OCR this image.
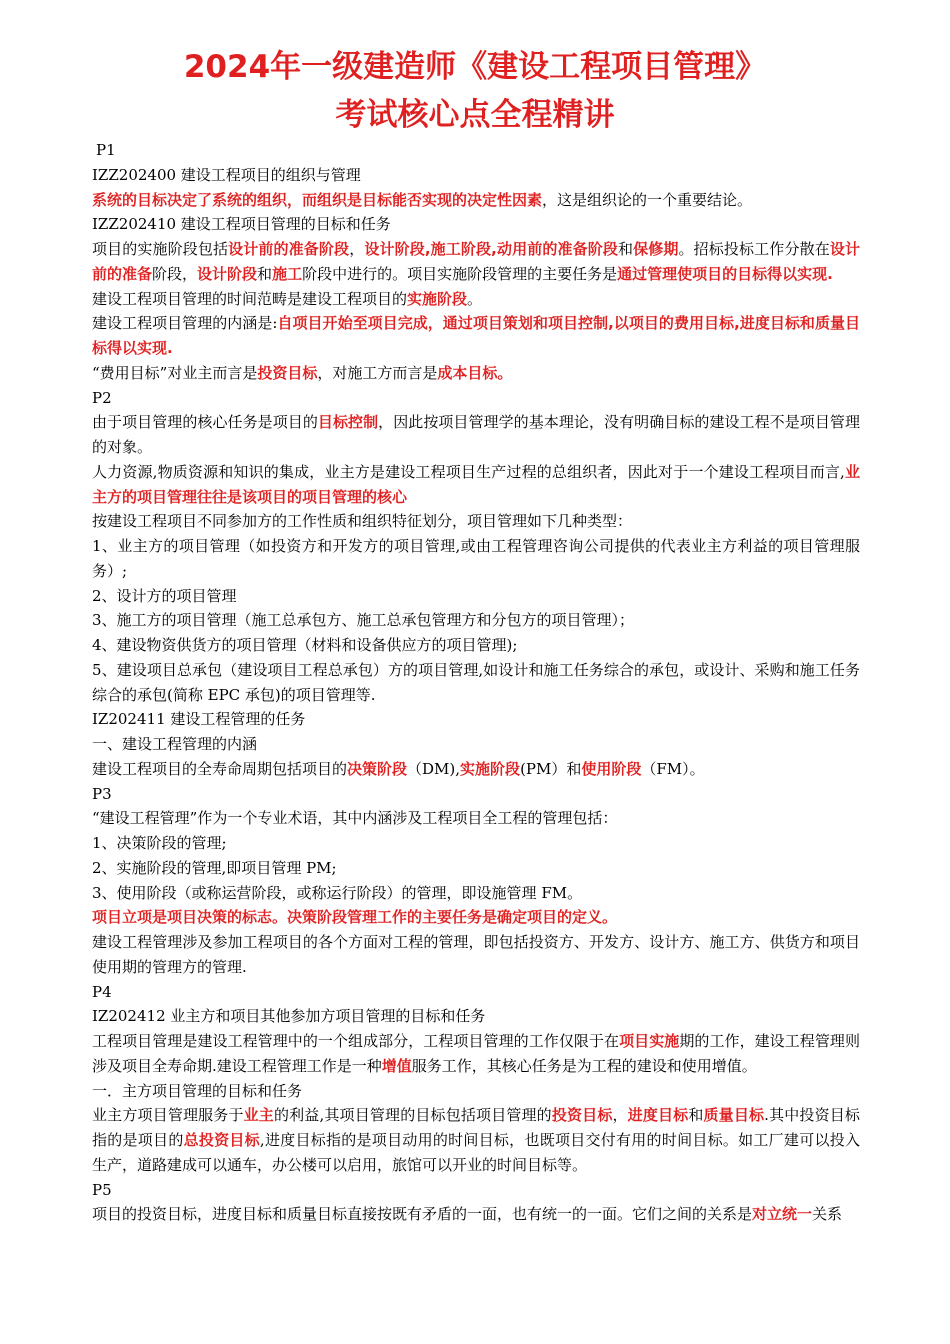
2024年一级建造师《建设工程项目管理》
考试核心点全程精讲

P1

IZZ202400 建设工程项目的组织与管理

系统的目标决定了系统的组织，而组织是目标能否实现的决定性因素，这是组织论的一个重要结论。

IZZ202410 建设工程项目管理的目标和任务

项目的实施阶段包括设计前的准备阶段，设计阶段,施工阶段,动用前的准备阶段和保修期。招标投标工作分散在设计前的准备阶段，设计阶段和施工阶段中进行的。项目实施阶段管理的主要任务是通过管理使项目的目标得以实现.

建设工程项目管理的时间范畴是建设工程项目的实施阶段。

建设工程项目管理的内涵是:自项目开始至项目完成，通过项目策划和项目控制,以项目的费用目标,进度目标和质量目标得以实现.

“费用目标”对业主而言是投资目标，对施工方而言是成本目标。

P2

由于项目管理的核心任务是项目的目标控制，因此按项目管理学的基本理论，没有明确目标的建设工程不是项目管理的对象。

人力资源,物质资源和知识的集成，业主方是建设工程项目生产过程的总组织者，因此对于一个建设工程项目而言,业主方的项目管理往往是该项目的项目管理的核心

按建设工程项目不同参加方的工作性质和组织特征划分，项目管理如下几种类型：

1、业主方的项目管理（如投资方和开发方的项目管理,或由工程管理咨询公司提供的代表业主方利益的项目管理服务）;

2、设计方的项目管理

3、施工方的项目管理（施工总承包方、施工总承包管理方和分包方的项目管理）；

4、建设物资供货方的项目管理（材料和设备供应方的项目管理);

5、建设项目总承包（建设项目工程总承包）方的项目管理,如设计和施工任务综合的承包，或设计、采购和施工任务综合的承包(简称 EPC 承包)的项目管理等.

IZ202411 建设工程管理的任务

一、建设工程管理的内涵

建设工程项目的全寿命周期包括项目的决策阶段（DM),实施阶段(PM）和使用阶段（FM）。

P3

“建设工程管理”作为一个专业术语，其中内涵涉及工程项目全工程的管理包括：

1、决策阶段的管理;

2、实施阶段的管理,即项目管理 PM;

3、使用阶段（或称运营阶段，或称运行阶段）的管理，即设施管理 FM。

项目立项是项目决策的标志。决策阶段管理工作的主要任务是确定项目的定义。

建设工程管理涉及参加工程项目的各个方面对工程的管理，即包括投资方、开发方、设计方、施工方、供货方和项目使用期的管理方的管理.

P4

IZ202412 业主方和项目其他参加方项目管理的目标和任务

工程项目管理是建设工程管理中的一个组成部分，工程项目管理的工作仅限于在项目实施期的工作，建设工程管理则涉及项目全寿命期.建设工程管理工作是一种增值服务工作，其核心任务是为工程的建设和使用增值。

一．主方项目管理的目标和任务

业主方项目管理服务于业主的利益,其项目管理的目标包括项目管理的投资目标，进度目标和质量目标.其中投资目标指的是项目的总投资目标,进度目标指的是项目动用的时间目标，也既项目交付有用的时间目标。如工厂建可以投入生产，道路建成可以通车，办公楼可以启用，旅馆可以开业的时间目标等。

P5

项目的投资目标，进度目标和质量目标直接按既有矛盾的一面，也有统一的一面。它们之间的关系是对立统一关系
